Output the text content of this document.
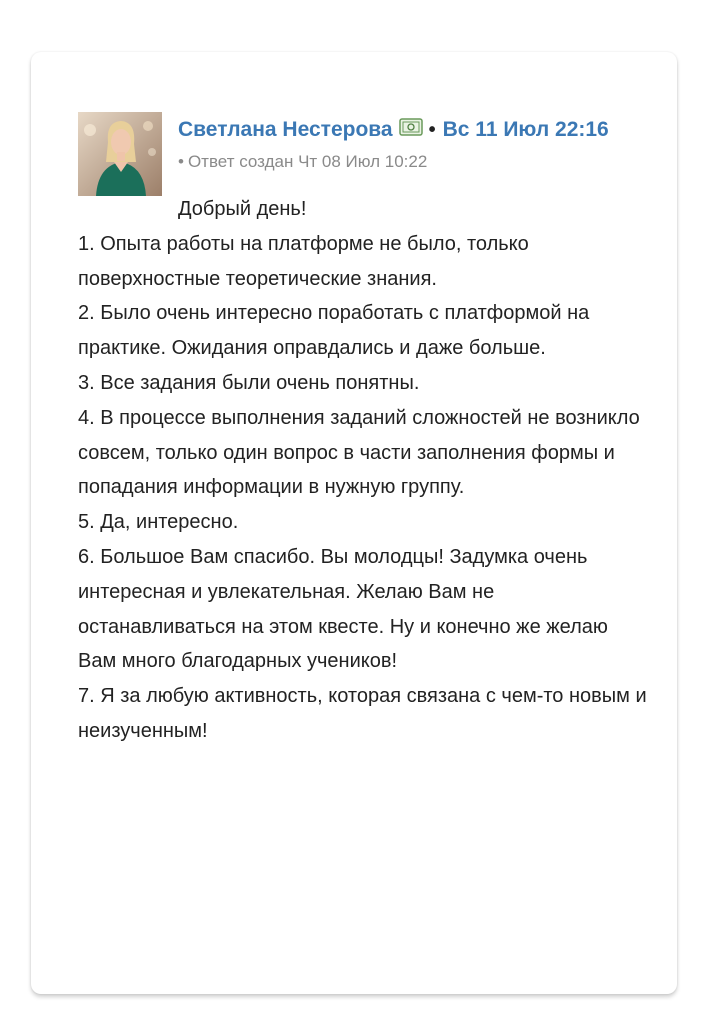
Светлана Нестерова • Вс 11 Июл 22:16
• Ответ создан Чт 08 Июл 10:22

Добрый день!

1. Опыта работы на платформе не было, только поверхностные теоретические знания.

2. Было очень интересно поработать с платформой на практике. Ожидания оправдались и даже больше.

3. Все задания были очень понятны.

4. В процессе выполнения заданий сложностей не возникло совсем, только один вопрос в части заполнения формы и попадания информации в нужную группу.

5. Да, интересно.

6. Большое Вам спасибо. Вы молодцы! Задумка очень интересная и увлекательная. Желаю Вам не останавливаться на этом квесте. Ну и конечно же желаю Вам много благодарных учеников!

7. Я за любую активность, которая связана с чем-то новым и неизученным!
